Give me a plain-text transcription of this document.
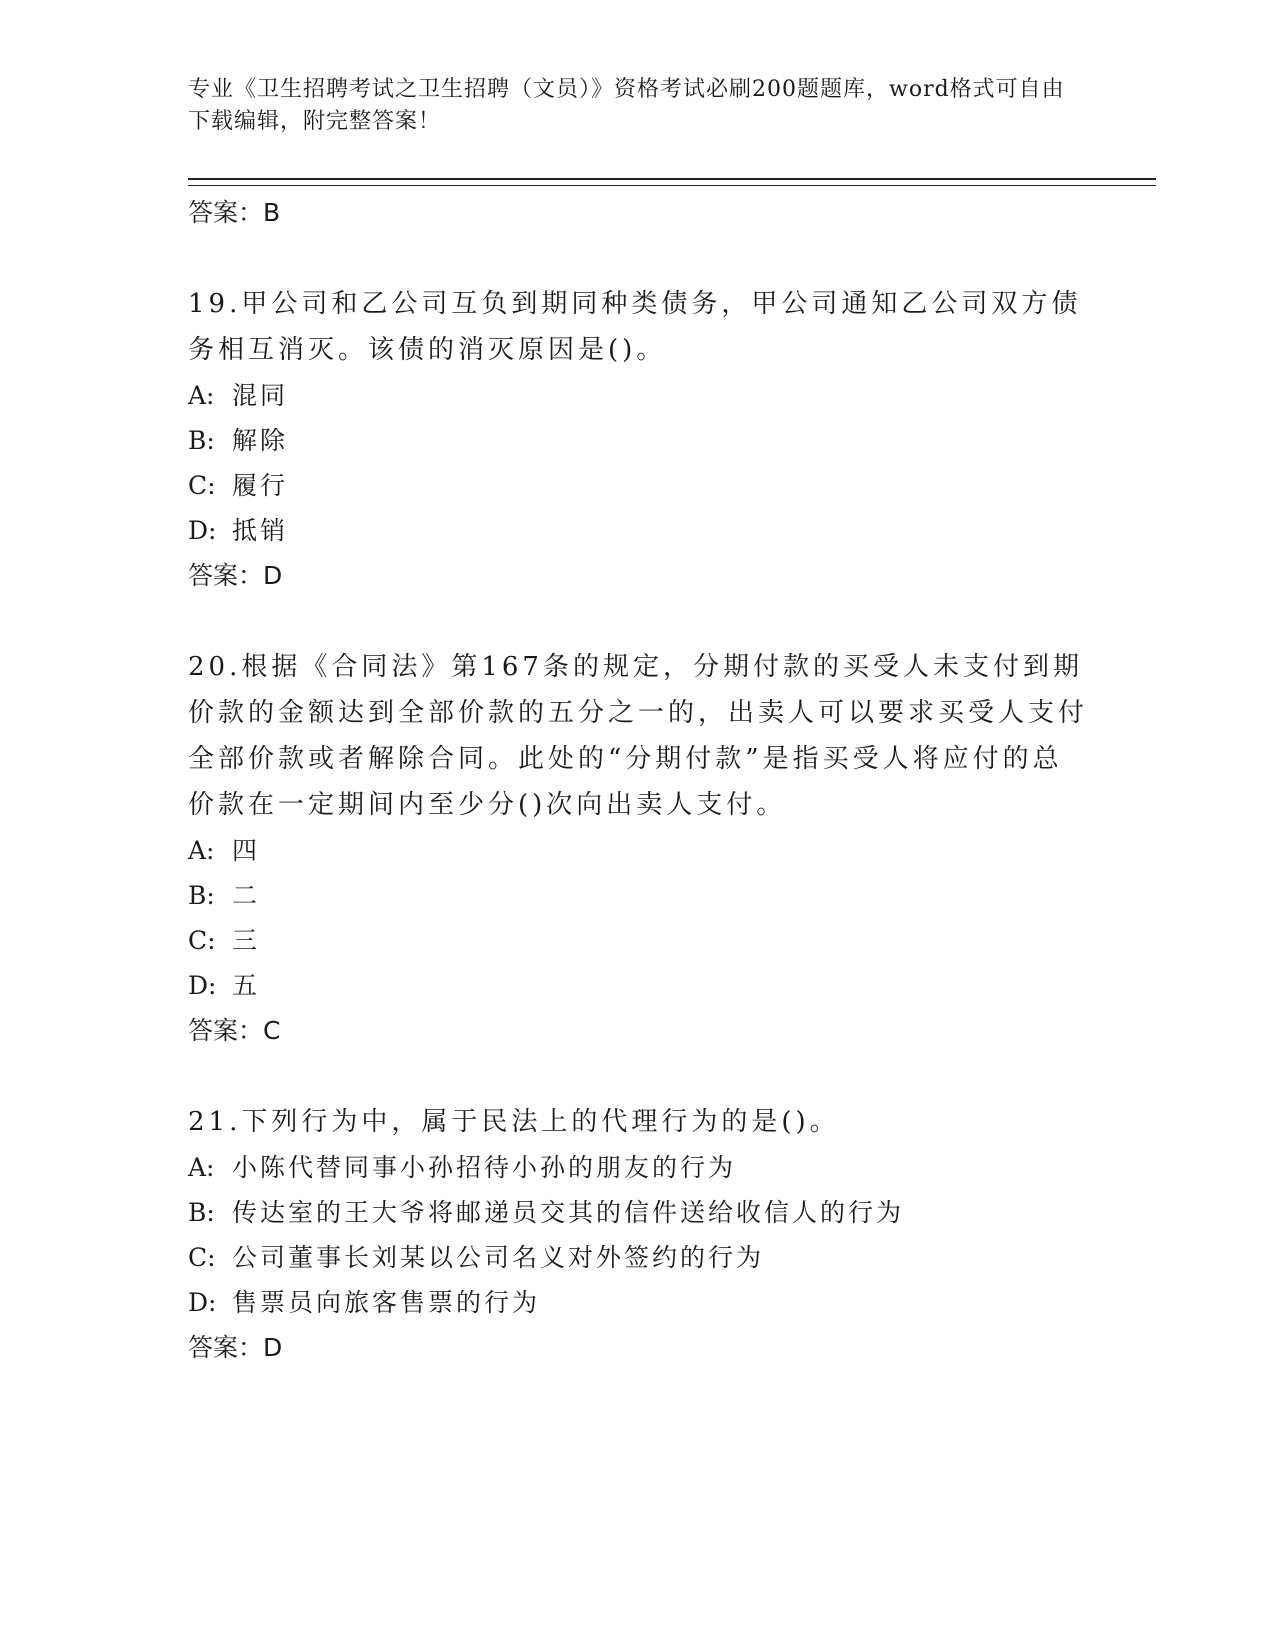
专业《卫生招聘考试之卫生招聘（文员）》资格考试必刷200题题库，word格式可自由下载编辑，附完整答案！

答案：B

19.甲公司和乙公司互负到期同种类债务，甲公司通知乙公司双方债务相互消灭。该债的消灭原因是()。

A: 混同

B: 解除

C: 履行

D: 抵销

答案：D

20.根据《合同法》第167条的规定，分期付款的买受人未支付到期价款的金额达到全部价款的五分之一的，出卖人可以要求买受人支付全部价款或者解除合同。此处的“分期付款”是指买受人将应付的总价款在一定期间内至少分()次向出卖人支付。

A: 四

B: 二

C: 三

D: 五

答案：C

21.下列行为中，属于民法上的代理行为的是()。

A: 小陈代替同事小孙招待小孙的朋友的行为

B: 传达室的王大爷将邮递员交其的信件送给收信人的行为

C: 公司董事长刘某以公司名义对外签约的行为

D: 售票员向旅客售票的行为

答案：D
